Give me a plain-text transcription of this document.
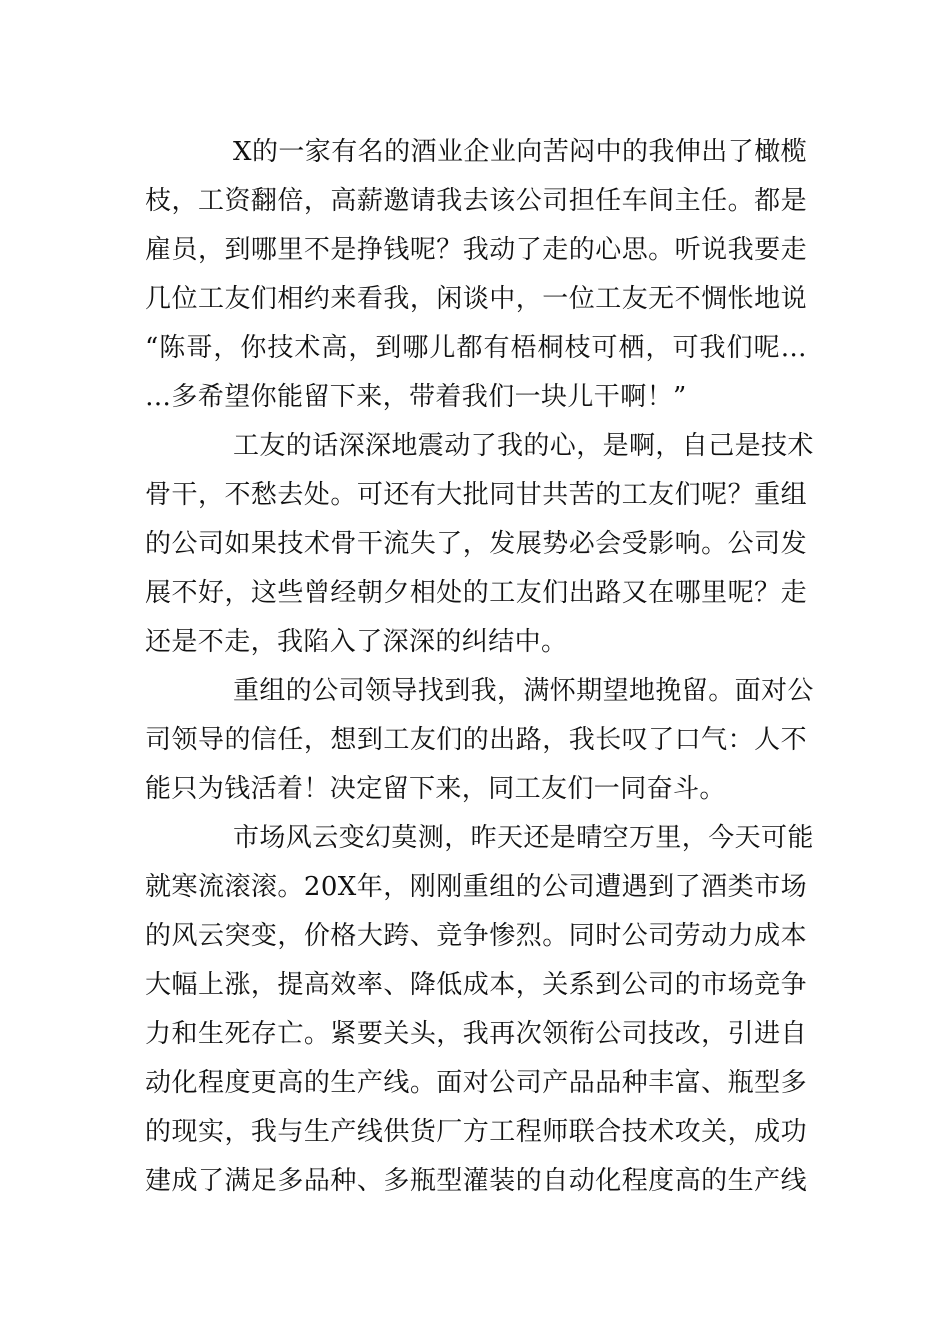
X的一家有名的酒业企业向苦闷中的我伸出了橄榄
枝，工资翻倍，高薪邀请我去该公司担任车间主任。都是
雇员，到哪里不是挣钱呢？我动了走的心思。听说我要走
几位工友们相约来看我，闲谈中，一位工友无不惆怅地说
“陈哥，你技术高，到哪儿都有梧桐枝可栖，可我们呢…
…多希望你能留下来，带着我们一块儿干啊！”
工友的话深深地震动了我的心，是啊，自己是技术
骨干，不愁去处。可还有大批同甘共苦的工友们呢？重组
的公司如果技术骨干流失了，发展势必会受影响。公司发
展不好，这些曾经朝夕相处的工友们出路又在哪里呢？走
还是不走，我陷入了深深的纠结中。
重组的公司领导找到我，满怀期望地挽留。面对公
司领导的信任，想到工友们的出路，我长叹了口气：人不
能只为钱活着！决定留下来，同工友们一同奋斗。
市场风云变幻莫测，昨天还是晴空万里，今天可能
就寒流滚滚。20X年，刚刚重组的公司遭遇到了酒类市场
的风云突变，价格大跨、竞争惨烈。同时公司劳动力成本
大幅上涨，提高效率、降低成本，关系到公司的市场竞争
力和生死存亡。紧要关头，我再次领衔公司技改，引进自
动化程度更高的生产线。面对公司产品品种丰富、瓶型多
的现实，我与生产线供货厂方工程师联合技术攻关，成功
建成了满足多品种、多瓶型灌装的自动化程度高的生产线
